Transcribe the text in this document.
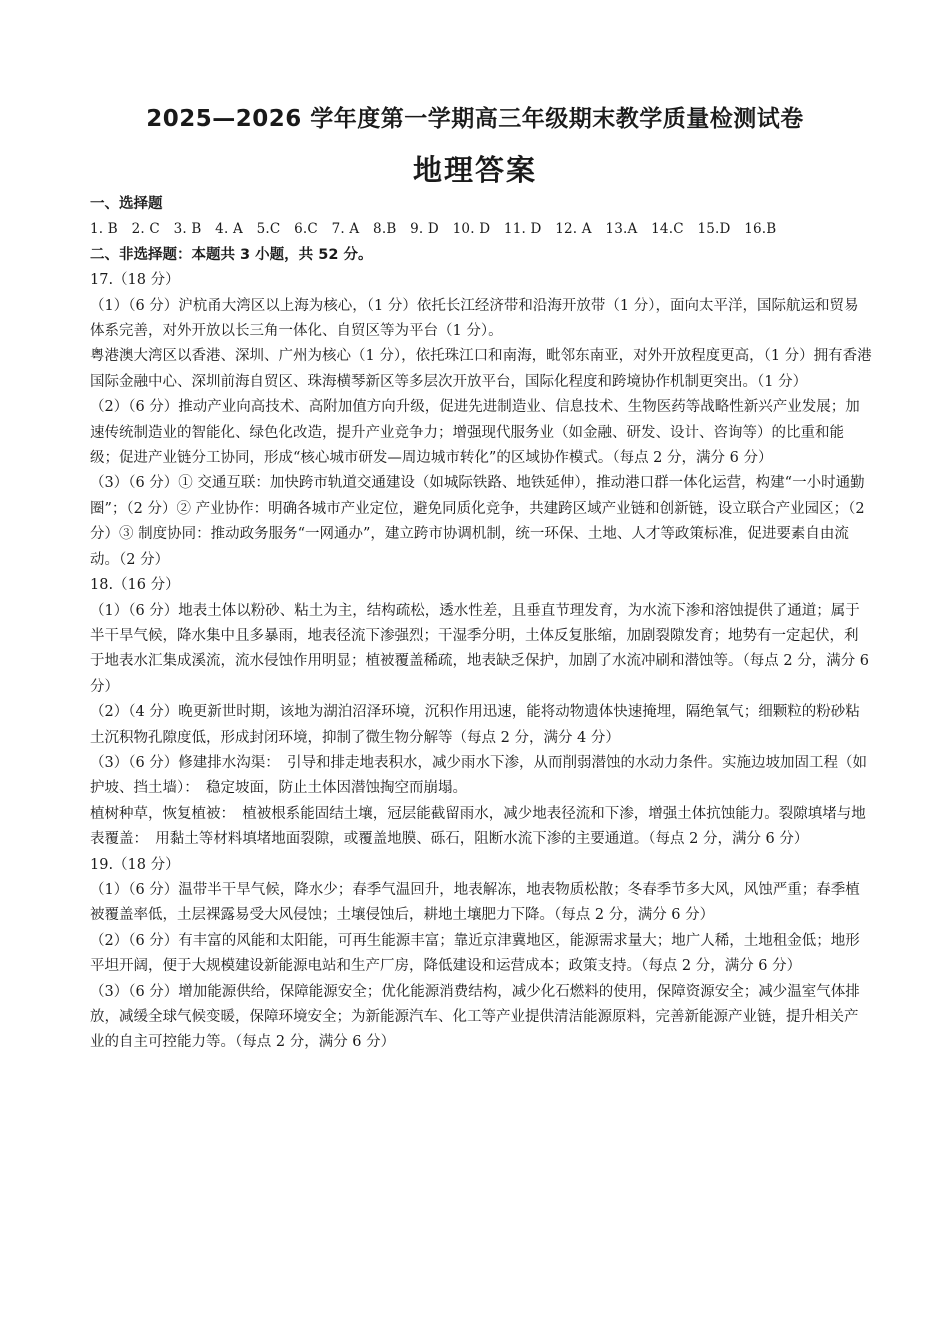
2025—2026 学年度第一学期高三年级期末教学质量检测试卷
地理答案

一、选择题

1. B　2. C　3. B　4. A　5.C　6.C　7. A　8.B　9. D　10. D　11. D　12. A　13.A　14.C　15.D　16.B

二、非选择题：本题共 3 小题，共 52 分。

17.（18 分）

（1）（6 分）沪杭甬大湾区以上海为核心，（1 分）依托长江经济带和沿海开放带（1 分），面向太平洋，国际航运和贸易体系完善，对外开放以长三角一体化、自贸区等为平台（1 分）。

粤港澳大湾区以香港、深圳、广州为核心（1 分），依托珠江口和南海，毗邻东南亚，对外开放程度更高，（1 分）拥有香港国际金融中心、深圳前海自贸区、珠海横琴新区等多层次开放平台，国际化程度和跨境协作机制更突出。（1 分）

（2）（6 分）推动产业向高技术、高附加值方向升级，促进先进制造业、信息技术、生物医药等战略性新兴产业发展；加速传统制造业的智能化、绿色化改造，提升产业竞争力；增强现代服务业（如金融、研发、设计、咨询等）的比重和能级；促进产业链分工协同，形成“核心城市研发—周边城市转化”的区域协作模式。（每点 2 分，满分 6 分）

（3）（6 分）① 交通互联：加快跨市轨道交通建设（如城际铁路、地铁延伸），推动港口群一体化运营，构建“一小时通勤圈”；（2 分）② 产业协作：明确各城市产业定位，避免同质化竞争，共建跨区域产业链和创新链，设立联合产业园区；（2 分）③ 制度协同：推动政务服务“一网通办”，建立跨市协调机制，统一环保、土地、人才等政策标准，促进要素自由流动。（2 分）

18.（16 分）

（1）（6 分）地表土体以粉砂、粘土为主，结构疏松，透水性差，且垂直节理发育，为水流下渗和溶蚀提供了通道；属于半干旱气候，降水集中且多暴雨，地表径流下渗强烈；干湿季分明，土体反复胀缩，加剧裂隙发育；地势有一定起伏，利于地表水汇集成溪流，流水侵蚀作用明显；植被覆盖稀疏，地表缺乏保护，加剧了水流冲刷和潜蚀等。（每点 2 分，满分 6 分）

（2）（4 分）晚更新世时期，该地为湖泊沼泽环境，沉积作用迅速，能将动物遗体快速掩埋，隔绝氧气；细颗粒的粉砂粘土沉积物孔隙度低，形成封闭环境，抑制了微生物分解等（每点 2 分，满分 4 分）

（3）（6 分）修建排水沟渠：　引导和排走地表积水，减少雨水下渗，从而削弱潜蚀的水动力条件。实施边坡加固工程（如护坡、挡土墙）：　稳定坡面，防止土体因潜蚀掏空而崩塌。

植树种草，恢复植被：　植被根系能固结土壤，冠层能截留雨水，减少地表径流和下渗，增强土体抗蚀能力。裂隙填堵与地表覆盖：　用黏土等材料填堵地面裂隙，或覆盖地膜、砾石，阻断水流下渗的主要通道。（每点 2 分，满分 6 分）

19.（18 分）

（1）（6 分）温带半干旱气候，降水少；春季气温回升，地表解冻，地表物质松散；冬春季节多大风，风蚀严重；春季植被覆盖率低，土层裸露易受大风侵蚀；土壤侵蚀后，耕地土壤肥力下降。（每点 2 分，满分 6 分）

（2）（6 分）有丰富的风能和太阳能，可再生能源丰富；靠近京津冀地区，能源需求量大；地广人稀，土地租金低；地形平坦开阔，便于大规模建设新能源电站和生产厂房，降低建设和运营成本；政策支持。（每点 2 分，满分 6 分）

（3）（6 分）增加能源供给，保障能源安全；优化能源消费结构，减少化石燃料的使用，保障资源安全；减少温室气体排放，减缓全球气候变暖，保障环境安全；为新能源汽车、化工等产业提供清洁能源原料，完善新能源产业链，提升相关产业的自主可控能力等。（每点 2 分，满分 6 分）
